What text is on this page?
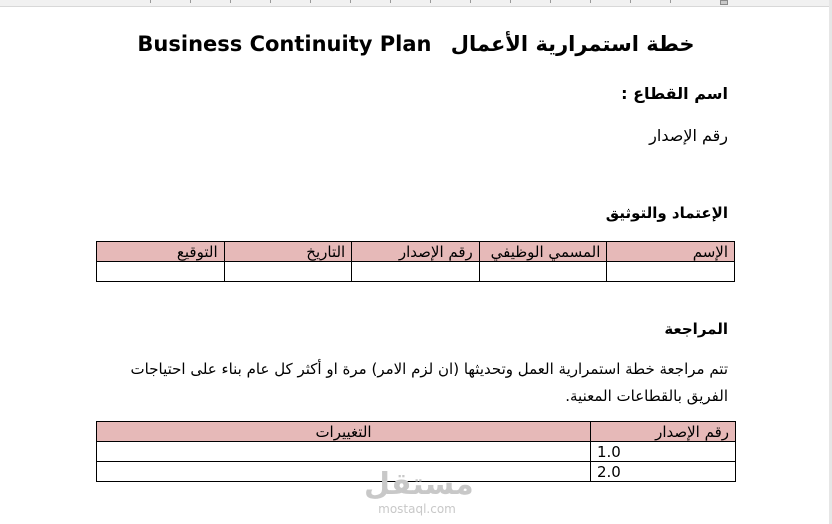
Business Continuity Plan خطة استمرارية الأعمال
اسم القطاع :
رقم الإصدار
الإعتماد والتوثيق
الإسم	المسمي الوظيفي	رقم الإصدار	التاريخ	التوقيع

المراجعة
تتم مراجعة خطة استمرارية العمل وتحديثها (ان لزم الامر) مرة او أكثر كل عام بناء على احتياجات الفريق بالقطاعات المعنية.
رقم الإصدار	التغييرات
1.0	
2.0	
مستقل
mostaql.com
